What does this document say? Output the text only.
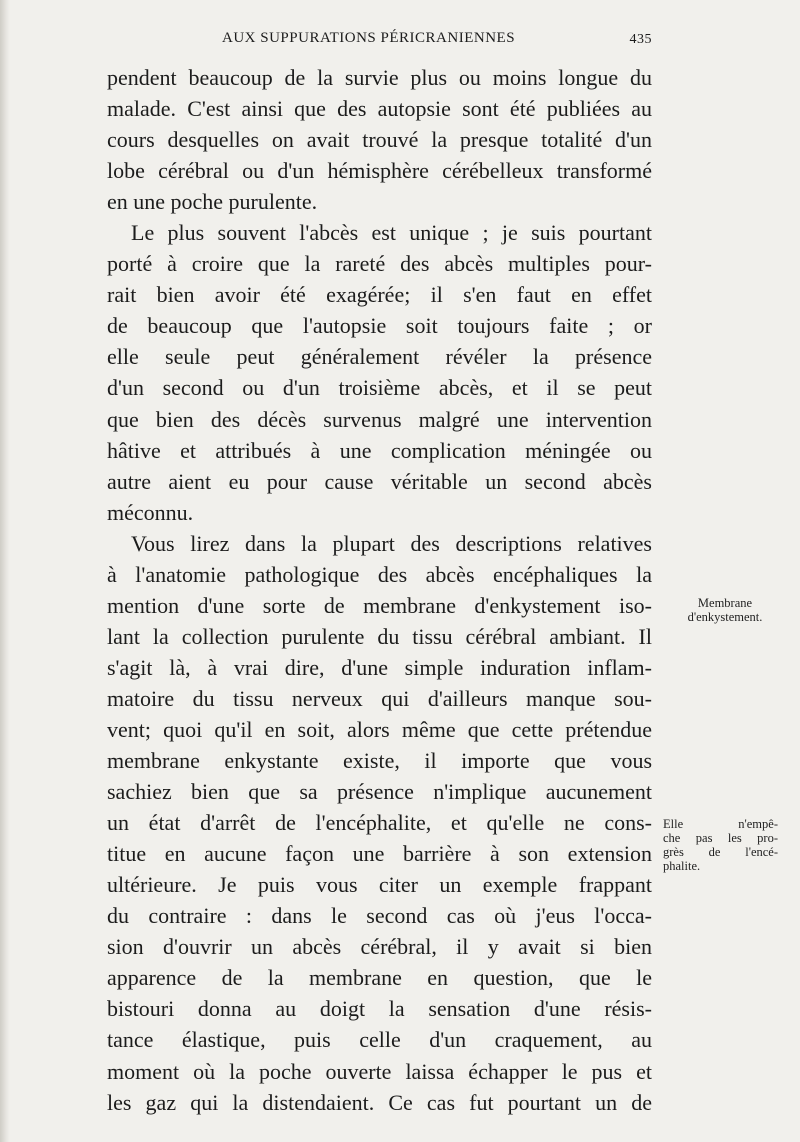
AUX SUPPURATIONS PÉRICRANIENNES	435
pendent beaucoup de la survie plus ou moins longue du
malade. C'est ainsi que des autopsie sont été publiées au
cours desquelles on avait trouvé la presque totalité d'un
lobe cérébral ou d'un hémisphère cérébelleux transformé
en une poche purulente.
Le plus souvent l'abcès est unique ; je suis pourtant
porté à croire que la rareté des abcès multiples pour-
rait bien avoir été exagérée; il s'en faut en effet
de beaucoup que l'autopsie soit toujours faite ; or
elle seule peut généralement révéler la présence
d'un second ou d'un troisième abcès, et il se peut
que bien des décès survenus malgré une intervention
hâtive et attribués à une complication méningée ou
autre aient eu pour cause véritable un second abcès
méconnu.
Vous lirez dans la plupart des descriptions relatives
à l'anatomie pathologique des abcès encéphaliques la
mention d'une sorte de membrane d'enkystement iso-
lant la collection purulente du tissu cérébral ambiant. Il
s'agit là, à vrai dire, d'une simple induration inflam-
matoire du tissu nerveux qui d'ailleurs manque sou-
vent; quoi qu'il en soit, alors même que cette prétendue
membrane enkystante existe, il importe que vous
sachiez bien que sa présence n'implique aucunement
un état d'arrêt de l'encéphalite, et qu'elle ne cons-
titue en aucune façon une barrière à son extension
ultérieure. Je puis vous citer un exemple frappant
du contraire : dans le second cas où j'eus l'occa-
sion d'ouvrir un abcès cérébral, il y avait si bien
apparence de la membrane en question, que le
bistouri donna au doigt la sensation d'une résis-
tance élastique, puis celle d'un craquement, au
moment où la poche ouverte laissa échapper le pus et
les gaz qui la distendaient. Ce cas fut pourtant un de
Membrane
d'enkystement.
Elle n'empê-
che pas les pro-
grès de l'encé-
phalite.
